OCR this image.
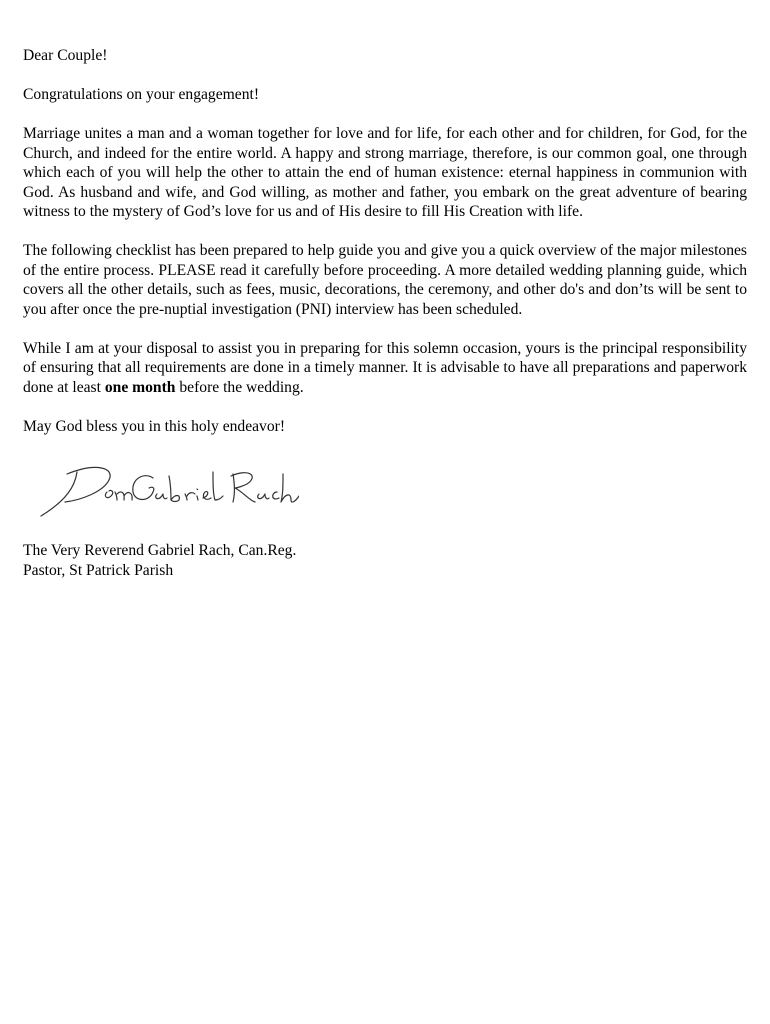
Dear Couple!

Congratulations on your engagement!

Marriage unites a man and a woman together for love and for life, for each other and for children, for God, for the Church, and indeed for the entire world. A happy and strong marriage, therefore, is our common goal, one through which each of you will help the other to attain the end of human existence: eternal happiness in communion with God. As husband and wife, and God willing, as mother and father, you embark on the great adventure of bearing witness to the mystery of God’s love for us and of His desire to fill His Creation with life.

The following checklist has been prepared to help guide you and give you a quick overview of the major milestones of the entire process. PLEASE read it carefully before proceeding. A more detailed wedding planning guide, which covers all the other details, such as fees, music, decorations, the ceremony, and other do's and don’ts will be sent to you after once the pre-nuptial investigation (PNI) interview has been scheduled.

While I am at your disposal to assist you in preparing for this solemn occasion, yours is the principal responsibility of ensuring that all requirements are done in a timely manner. It is advisable to have all preparations and paperwork done at least one month before the wedding.

May God bless you in this holy endeavor!

The Very Reverend Gabriel Rach, Can.Reg.

Pastor, St Patrick Parish
